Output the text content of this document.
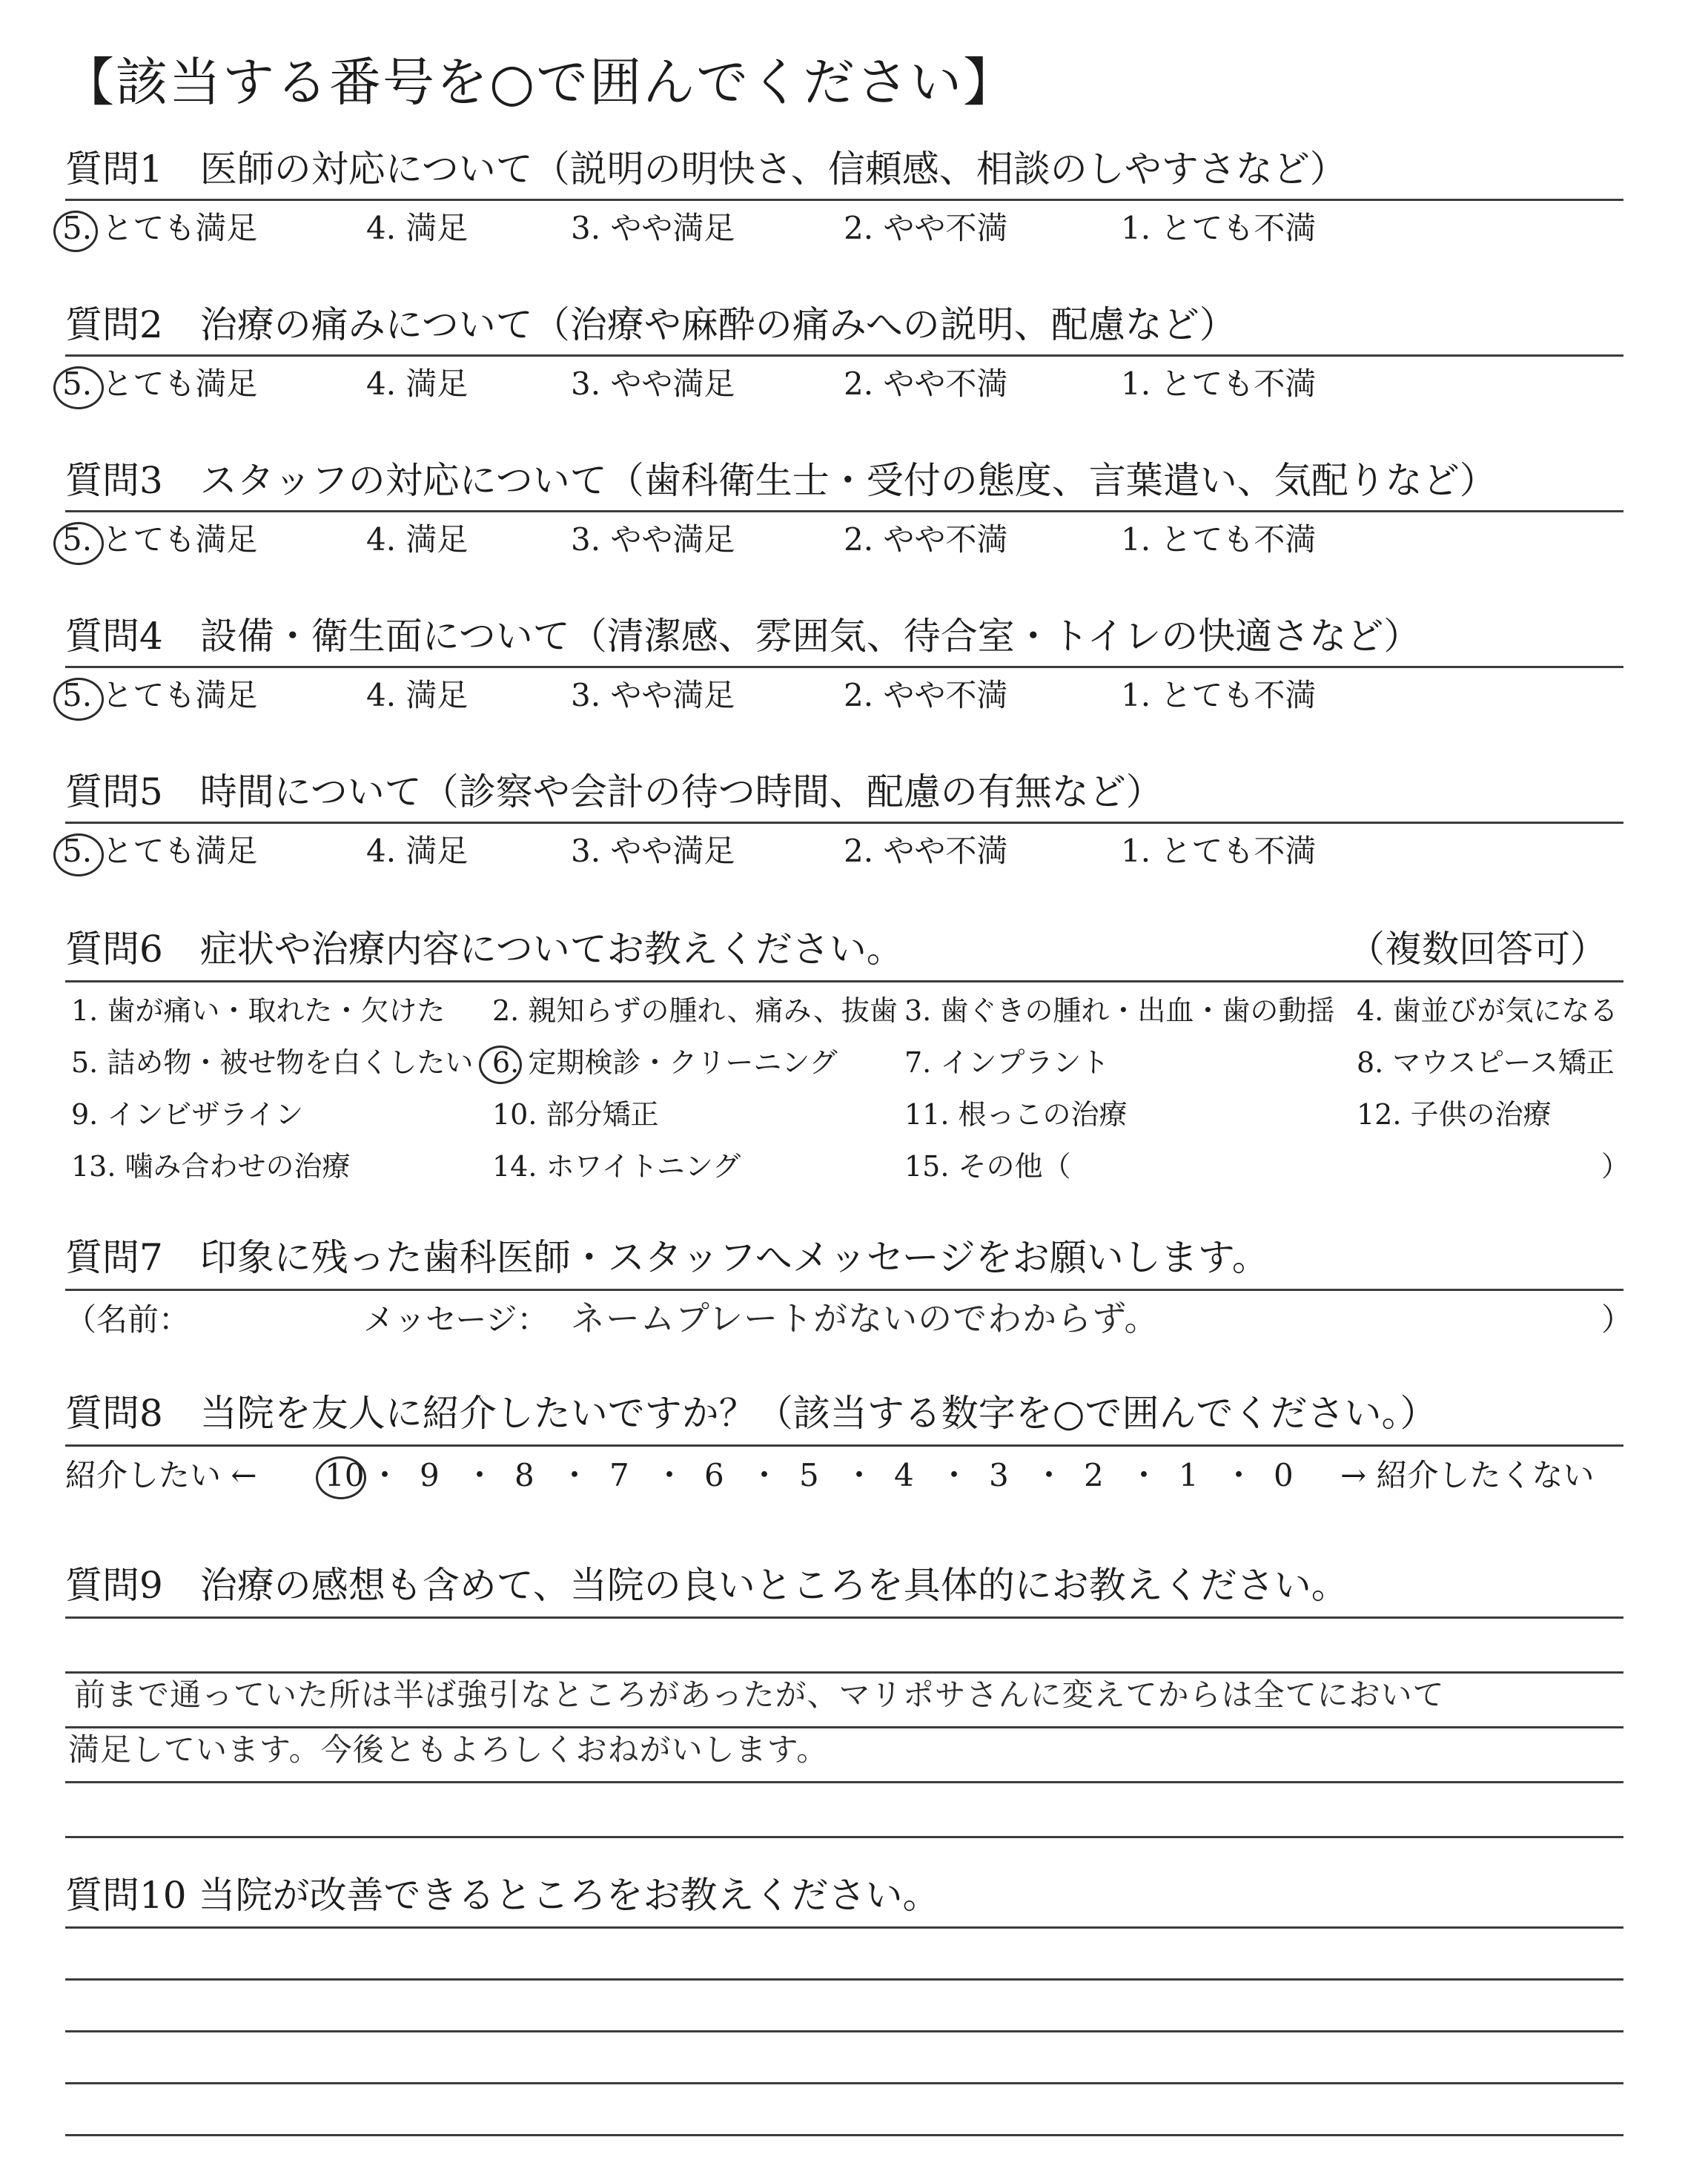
【該当する番号を○で囲んでください】
質問1　医師の対応について（説明の明快さ、信頼感、相談のしやすさなど）
5. とても満足	4. 満足	3. やや満足	2. やや不満	1. とても不満
質問2　治療の痛みについて（治療や麻酔の痛みへの説明、配慮など）
5. とても満足	4. 満足	3. やや満足	2. やや不満	1. とても不満
質問3　スタッフの対応について（歯科衛生士・受付の態度、言葉遣い、気配りなど）
5. とても満足	4. 満足	3. やや満足	2. やや不満	1. とても不満
質問4　設備・衛生面について（清潔感、雰囲気、待合室・トイレの快適さなど）
5. とても満足	4. 満足	3. やや満足	2. やや不満	1. とても不満
質問5　時間について（診察や会計の待つ時間、配慮の有無など）
5. とても満足	4. 満足	3. やや満足	2. やや不満	1. とても不満
質問6　症状や治療内容についてお教えください。	（複数回答可）
1. 歯が痛い・取れた・欠けた 2. 親知らずの腫れ、痛み、抜歯 3. 歯ぐきの腫れ・出血・歯の動揺 4. 歯並びが気になる
5. 詰め物・被せ物を白くしたい 6. 定期検診・クリーニング 7. インプラント	8. マウスピース矯正
9. インビザライン	10. 部分矯正	11. 根っこの治療	12. 子供の治療
13. 噛み合わせの治療	14. ホワイトニング	15. その他（	）
質問7　印象に残った歯科医師・スタッフへメッセージをお願いします。
（名前：	メッセージ： ネームプレートがないのでわからず。	）
質問8　当院を友人に紹介したいですか？（該当する数字を○で囲んでください。）
紹介したい ← 10 ・ 9 ・ 8 ・ 7 ・ 6 ・ 5 ・ 4 ・ 3 ・ 2 ・ 1 ・ 0 → 紹介したくない
質問9　治療の感想も含めて、当院の良いところを具体的にお教えください。
前まで通っていた所は半ば強引なところがあったが、マリポサさんに変えてからは全てにおいて
満足しています。今後ともよろしくおねがいします。
質問10 当院が改善できるところをお教えください。
